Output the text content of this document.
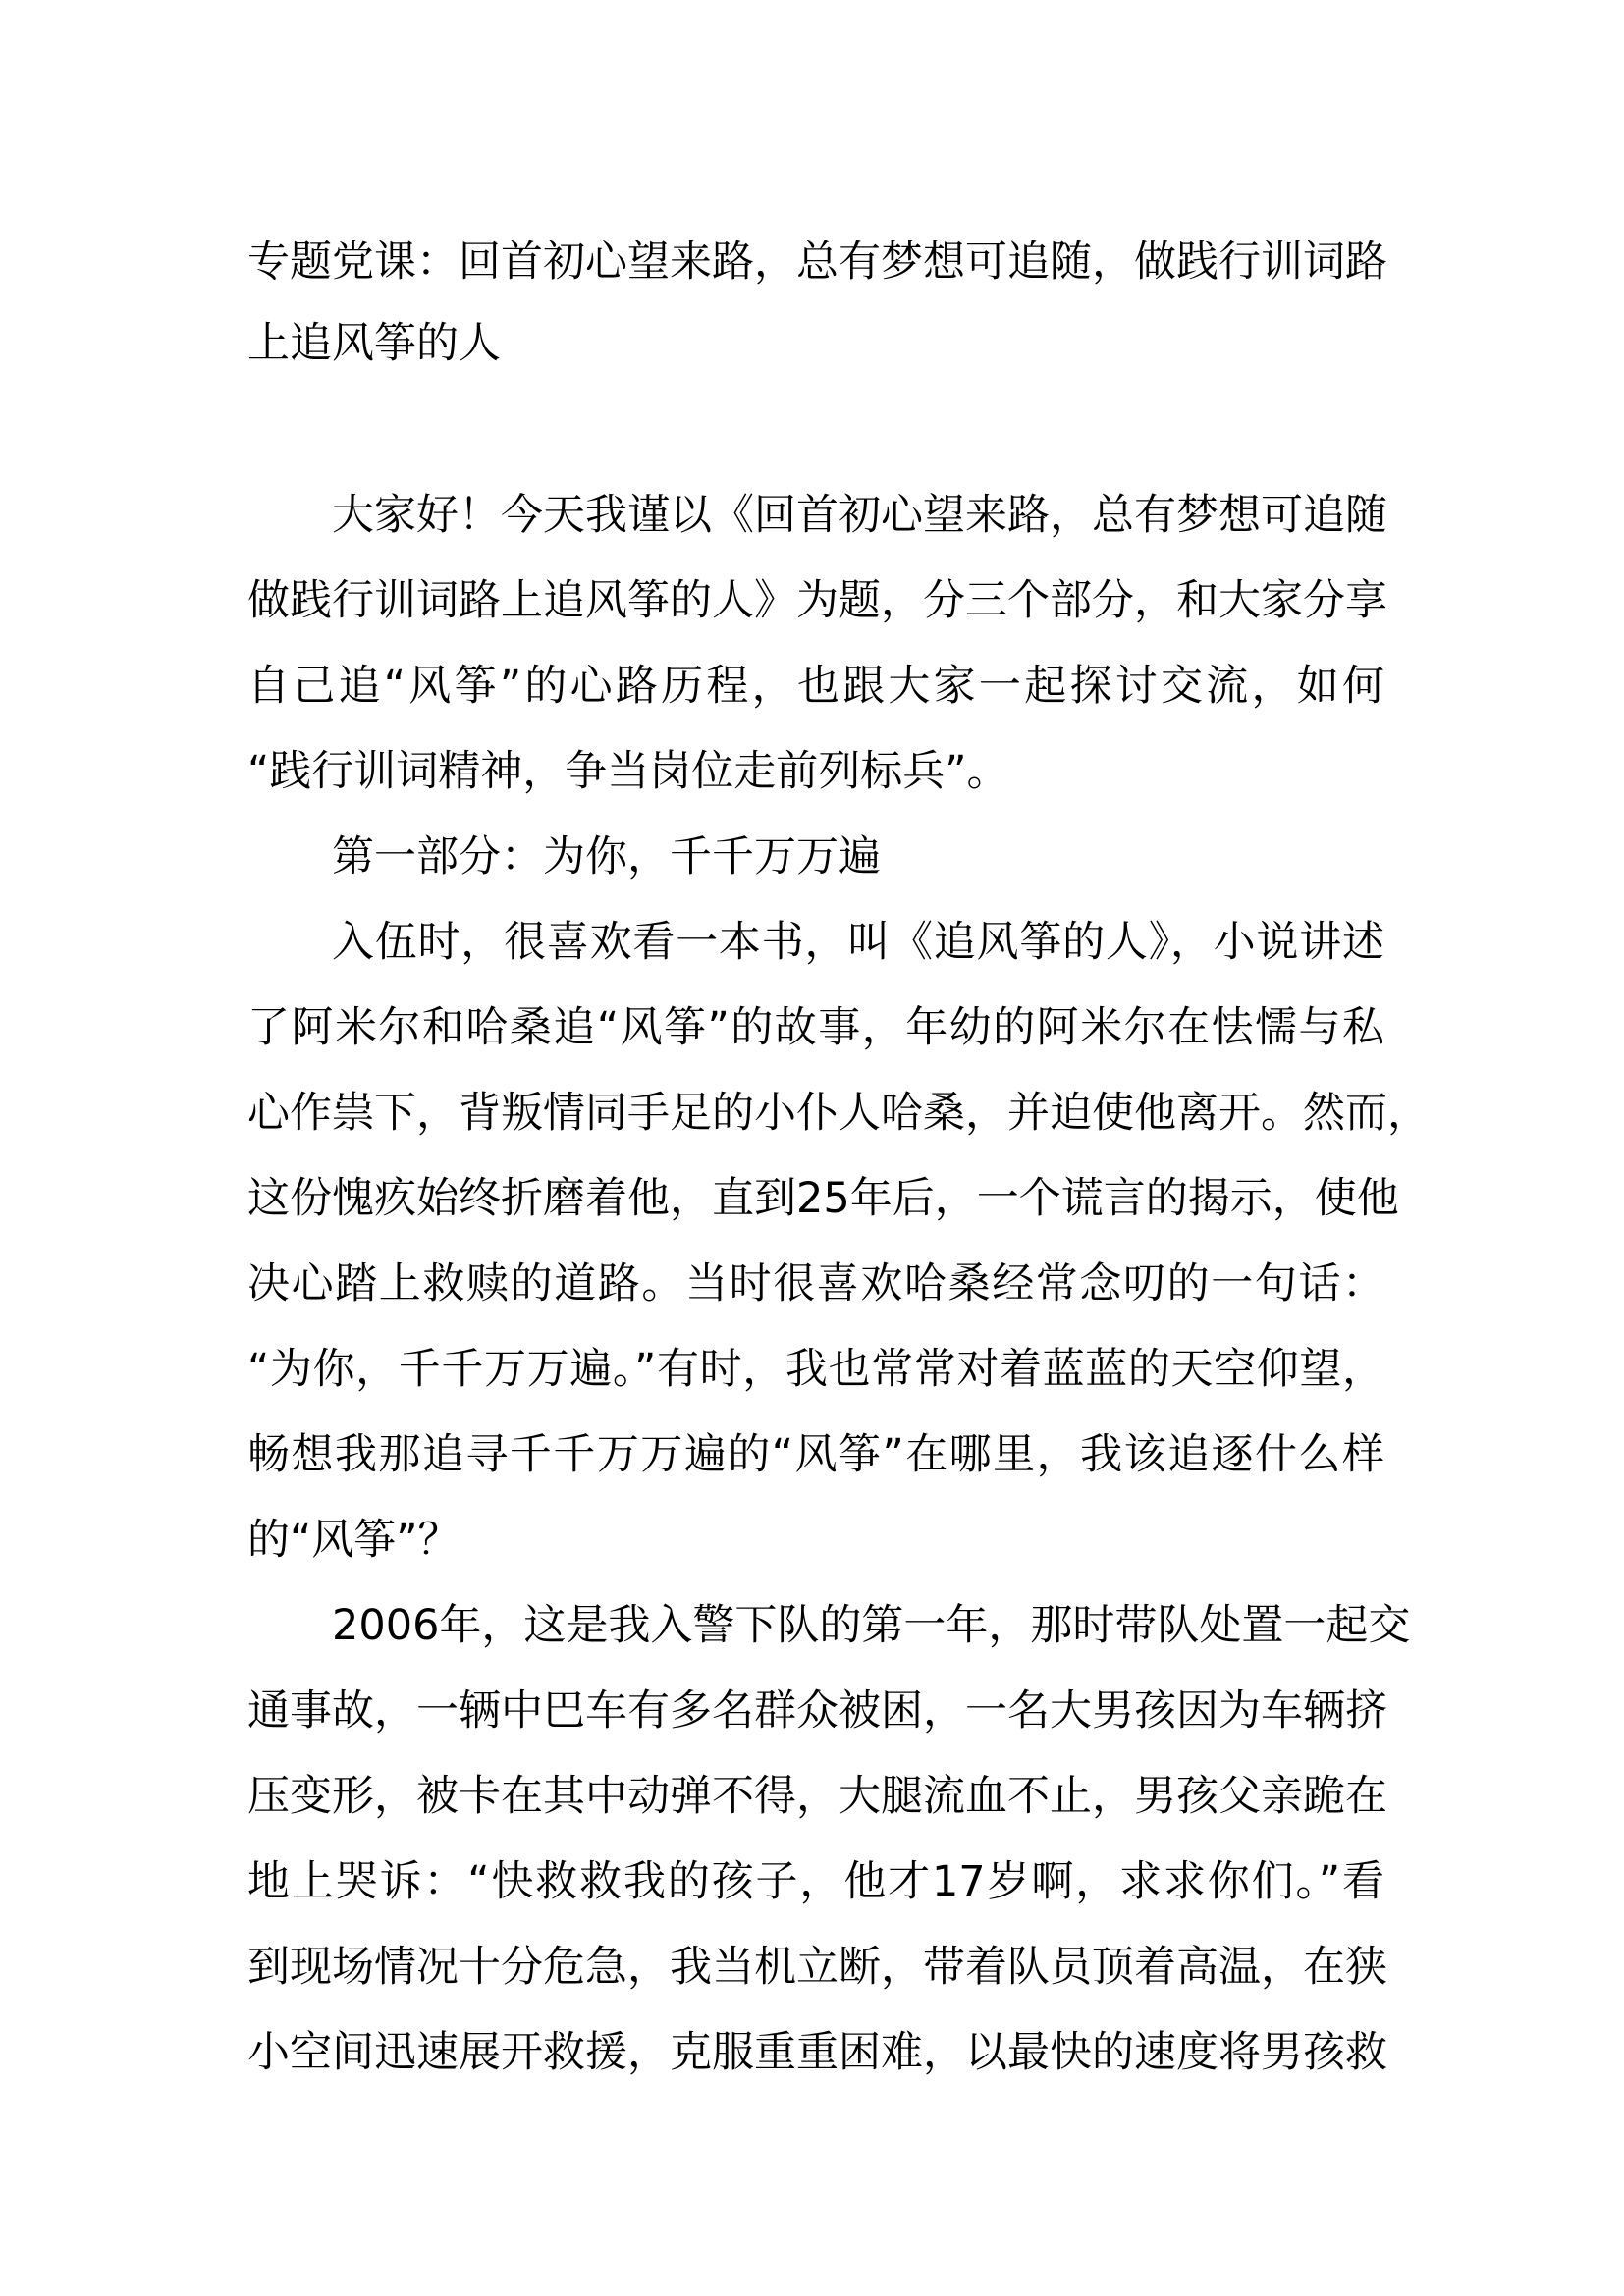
专题党课：回首初心望来路，总有梦想可追随，做践行训词路
上追风筝的人
大家好！今天我谨以《回首初心望来路，总有梦想可追随
做践行训词路上追风筝的人》为题，分三个部分，和大家分享
自己追“风筝”的心路历程，也跟大家一起探讨交流，如何
“践行训词精神，争当岗位走前列标兵”。
第一部分：为你，千千万万遍
入伍时，很喜欢看一本书，叫《追风筝的人》，小说讲述
了阿米尔和哈桑追“风筝”的故事，年幼的阿米尔在怯懦与私
心作祟下，背叛情同手足的小仆人哈桑，并迫使他离开。然而，
这份愧疚始终折磨着他，直到25年后，一个谎言的揭示，使他
决心踏上救赎的道路。当时很喜欢哈桑经常念叨的一句话：
“为你，千千万万遍。”有时，我也常常对着蓝蓝的天空仰望，
畅想我那追寻千千万万遍的“风筝”在哪里，我该追逐什么样
的“风筝”？
2006年，这是我入警下队的第一年，那时带队处置一起交
通事故，一辆中巴车有多名群众被困，一名大男孩因为车辆挤
压变形，被卡在其中动弹不得，大腿流血不止，男孩父亲跪在
地上哭诉：“快救救我的孩子，他才17岁啊，求求你们。”看
到现场情况十分危急，我当机立断，带着队员顶着高温，在狭
小空间迅速展开救援，克服重重困难，以最快的速度将男孩救
